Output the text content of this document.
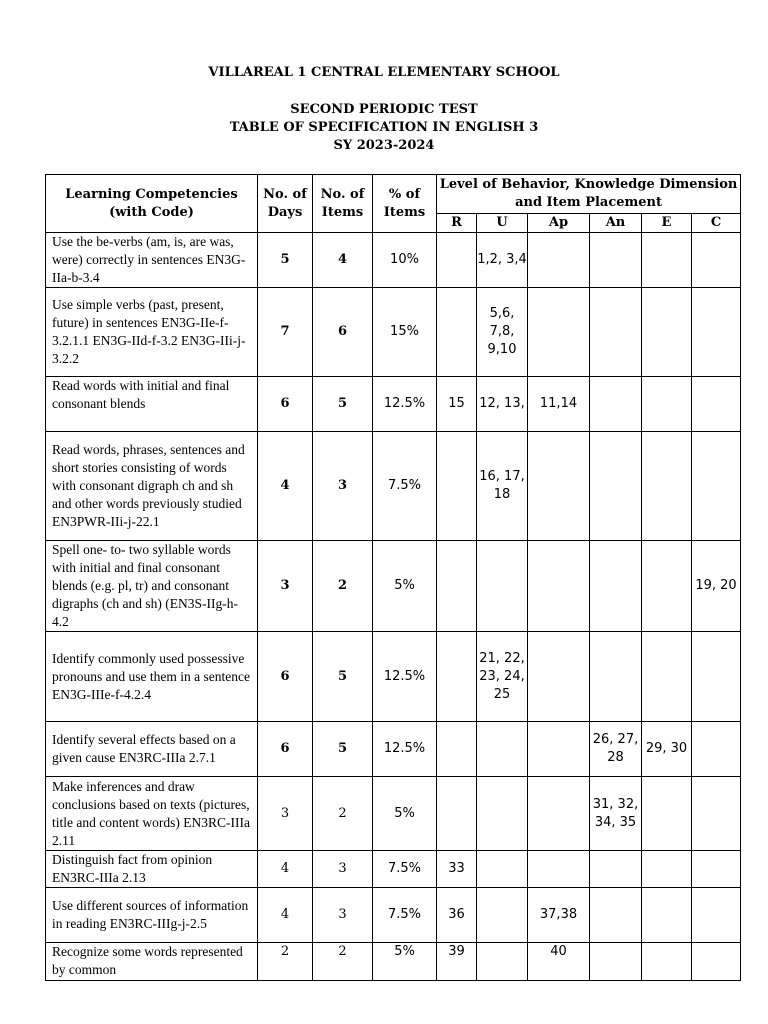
VILLAREAL 1 CENTRAL ELEMENTARY SCHOOL
SECOND PERIODIC TEST
TABLE OF SPECIFICATION IN ENGLISH 3
SY 2023-2024
Learning Competencies (with Code)	No. of Days	No. of Items	% of Items	Level of Behavior, Knowledge Dimension and Item Placement					
				R	U	Ap	An	E	C
Use the be-verbs (am, is, are was, were) correctly in sentences EN3G-IIa-b-3.4	5	4	10%		1,2, 3,4				
Use simple verbs (past, present, future) in sentences EN3G-IIe-f-3.2.1.1 EN3G-IId-f-3.2 EN3G-IIi-j-3.2.2	7	6	15%		5,6, 7,8, 9,10				
Read words with initial and final consonant blends	6	5	12.5%	15	12, 13,	11,14			
Read words, phrases, sentences and short stories consisting of words with consonant digraph ch and sh and other words previously studied EN3PWR-IIi-j-22.1	4	3	7.5%		16, 17, 18				
Spell one- to- two syllable words with initial and final consonant blends (e.g. pl, tr) and consonant digraphs (ch and sh) (EN3S-IIg-h-4.2	3	2	5%						19, 20
Identify commonly used possessive pronouns and use them in a sentence EN3G-IIIe-f-4.2.4	6	5	12.5%		21, 22, 23, 24, 25				
Identify several effects based on a given cause EN3RC-IIIa 2.7.1	6	5	12.5%				26, 27, 28	29, 30	
Make inferences and draw conclusions based on texts (pictures, title and content words) EN3RC-IIIa 2.11	3	2	5%				31, 32, 34, 35		
Distinguish fact from opinion EN3RC-IIIa 2.13	4	3	7.5%	33					
Use different sources of information in reading EN3RC-IIIg-j-2.5	4	3	7.5%	36		37,38			
Recognize some words represented by common	2	2	5%	39		40			
